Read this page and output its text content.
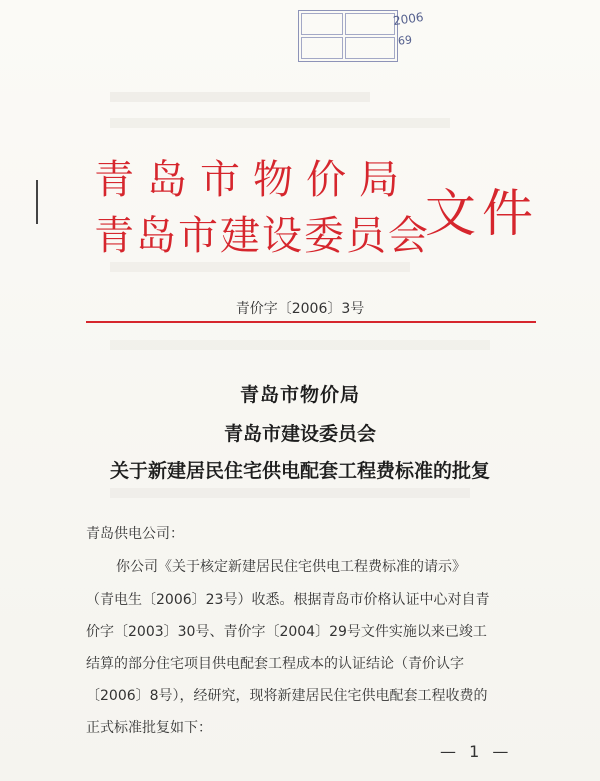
2006
69
青岛市物价局
青岛市建设委员会
文件
青价字〔2006〕3号
青岛市物价局
青岛市建设委员会
关于新建居民住宅供电配套工程费标准的批复
青岛供电公司：
你公司《关于核定新建居民住宅供电工程费标准的请示》
（青电生〔2006〕23号）收悉。根据青岛市价格认证中心对自青
价字〔2003〕30号、青价字〔2004〕29号文件实施以来已竣工
结算的部分住宅项目供电配套工程成本的认证结论（青价认字
〔2006〕8号），经研究，现将新建居民住宅供电配套工程收费的
正式标准批复如下：
— 1 —
